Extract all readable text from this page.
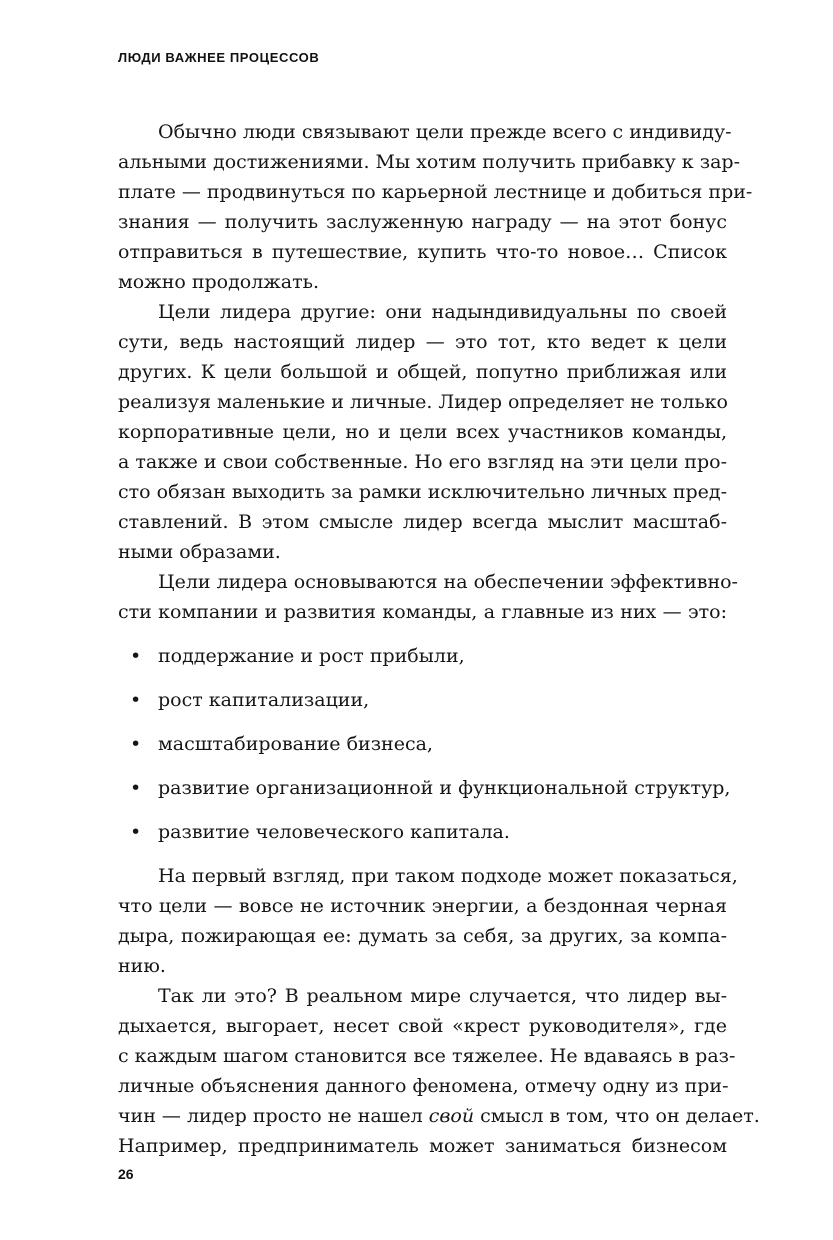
ЛЮДИ ВАЖНЕЕ ПРОЦЕССОВ
Обычно люди связывают цели прежде всего с индивиду-
альными достижениями. Мы хотим получить прибавку к зар-
плате — продвинуться по карьерной лестнице и добиться при-
знания — получить заслуженную награду — на этот бонус
отправиться в путешествие, купить что-то новое… Список
можно продолжать.
Цели лидера другие: они надындивидуальны по своей
сути, ведь настоящий лидер — это тот, кто ведет к цели
других. К цели большой и общей, попутно приближая или
реализуя маленькие и личные. Лидер определяет не только
корпоративные цели, но и цели всех участников команды,
а также и свои собственные. Но его взгляд на эти цели про-
сто обязан выходить за рамки исключительно личных пред-
ставлений. В этом смысле лидер всегда мыслит масштаб-
ными образами.
Цели лидера основываются на обеспечении эффективно-
сти компании и развития команды, а главные из них — это:
• поддержание и рост прибыли,
• рост капитализации,
• масштабирование бизнеса,
• развитие организационной и функциональной структур,
• развитие человеческого капитала.
На первый взгляд, при таком подходе может показаться,
что цели — вовсе не источник энергии, а бездонная черная
дыра, пожирающая ее: думать за себя, за других, за компа-
нию.
Так ли это? В реальном мире случается, что лидер вы-
дыхается, выгорает, несет свой «крест руководителя», где
с каждым шагом становится все тяжелее. Не вдаваясь в раз-
личные объяснения данного феномена, отмечу одну из при-
чин — лидер просто не нашел свой смысл в том, что он делает.
Например, предприниматель может заниматься бизнесом
26
